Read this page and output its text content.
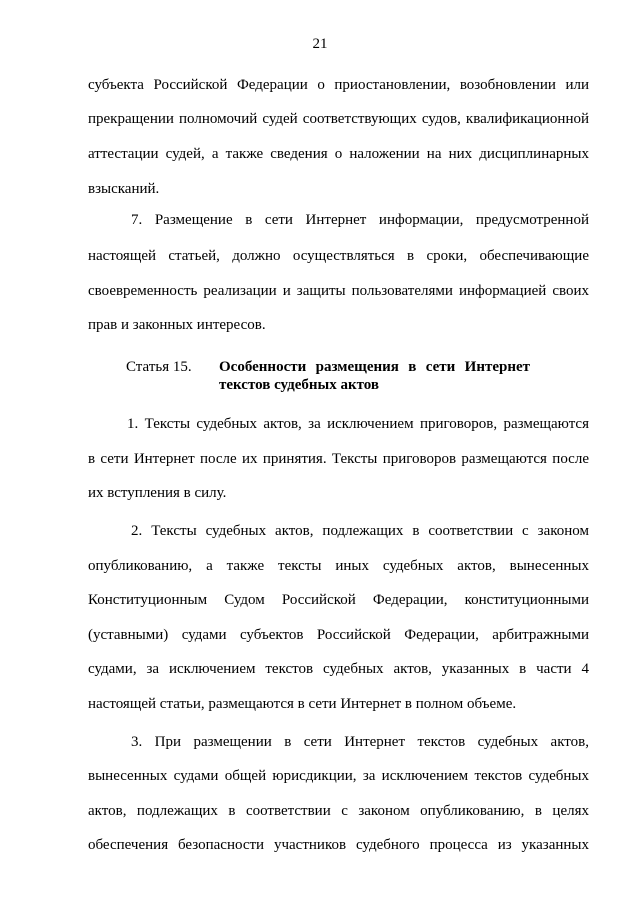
21
субъекта Российской Федерации о приостановлении, возобновлении или
прекращении полномочий судей соответствующих судов, квалификационной
аттестации судей, а также сведения о наложении на них дисциплинарных
взысканий.
7. Размещение в сети Интернет информации, предусмотренной
настоящей статьей, должно осуществляться в сроки, обеспечивающие
своевременность реализации и защиты пользователями информацией своих
прав и законных интересов.
Статья 15. Особенности размещения в сети Интернет
текстов судебных актов
1. Тексты судебных актов, за исключением приговоров, размещаются
в сети Интернет после их принятия. Тексты приговоров размещаются после
их вступления в силу.
2. Тексты судебных актов, подлежащих в соответствии с законом
опубликованию, а также тексты иных судебных актов, вынесенных
Конституционным Судом Российской Федерации, конституционными
(уставными) судами субъектов Российской Федерации, арбитражными
судами, за исключением текстов судебных актов, указанных в части 4
настоящей статьи, размещаются в сети Интернет в полном объеме.
3. При размещении в сети Интернет текстов судебных актов,
вынесенных судами общей юрисдикции, за исключением текстов судебных
актов, подлежащих в соответствии с законом опубликованию, в целях
обеспечения безопасности участников судебного процесса из указанных
